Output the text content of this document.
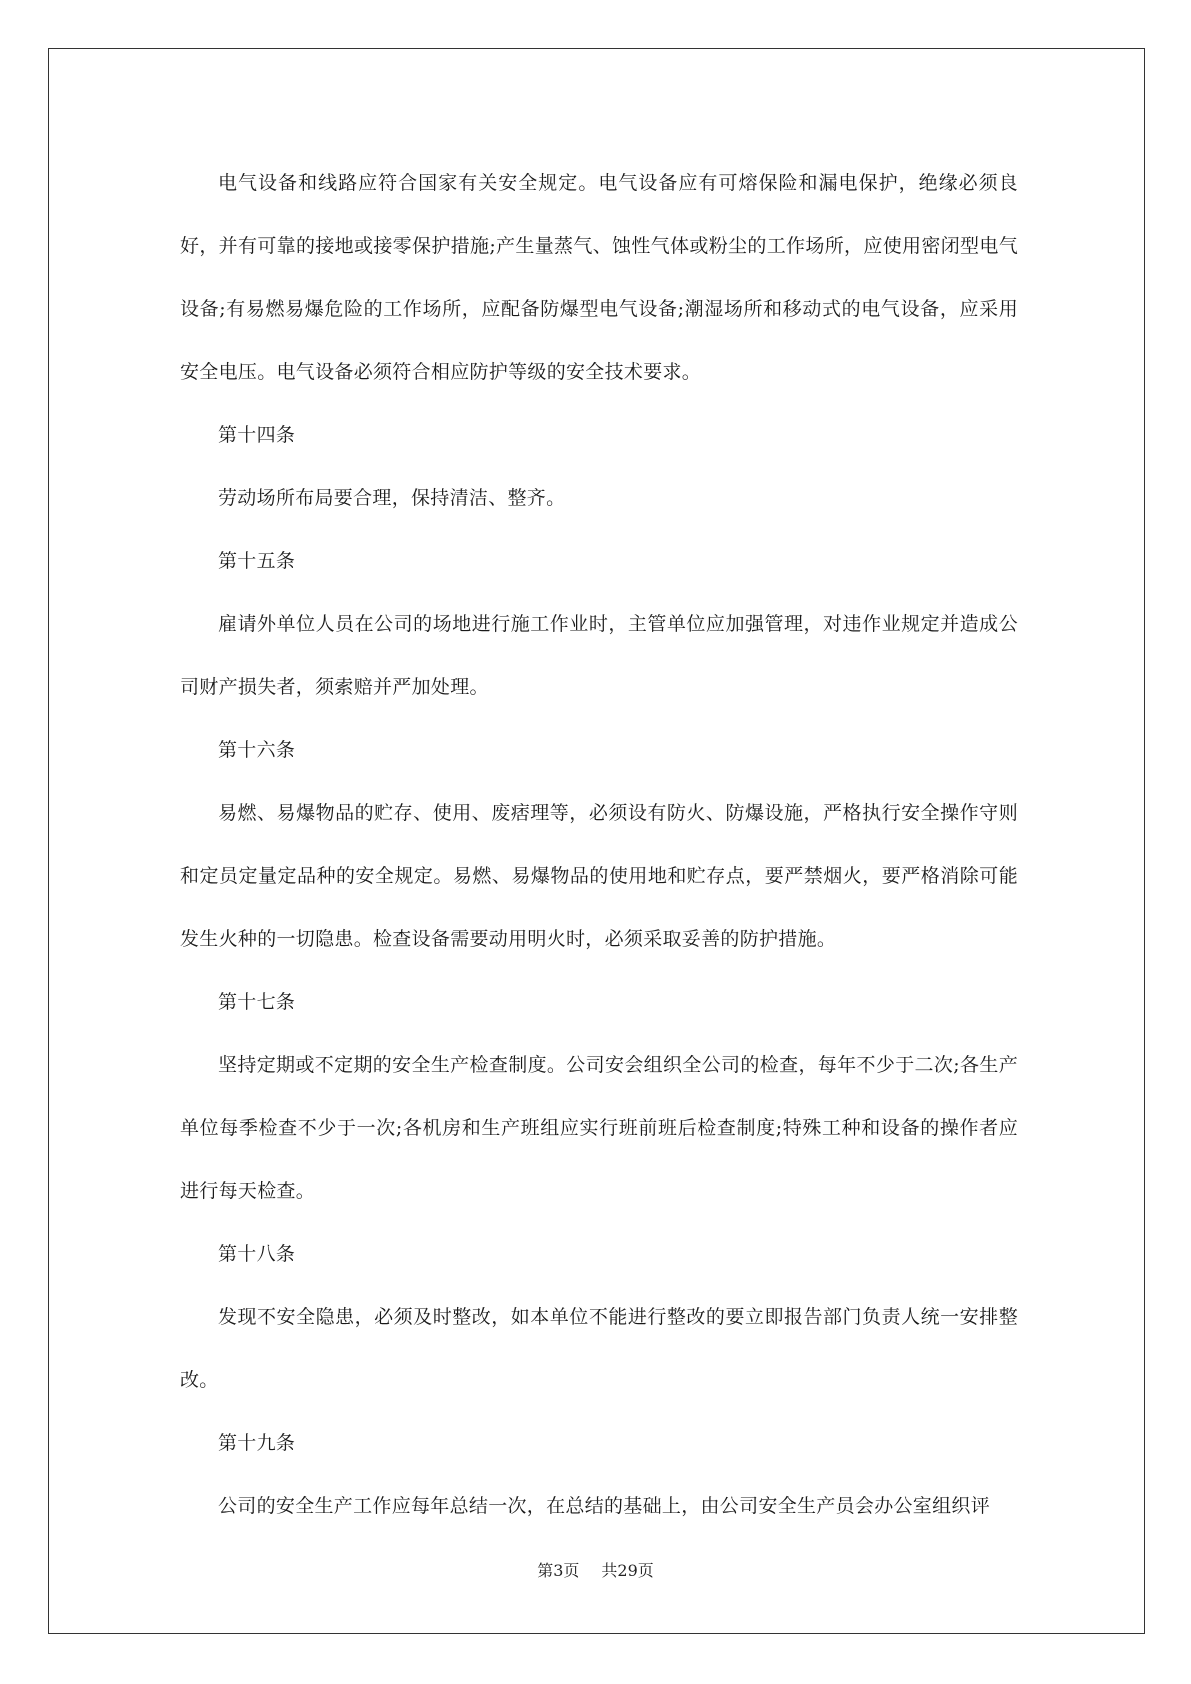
电气设备和线路应符合国家有关安全规定。电气设备应有可熔保险和漏电保护，绝缘必须良好，并有可靠的接地或接零保护措施;产生量蒸气、蚀性气体或粉尘的工作场所，应使用密闭型电气设备;有易燃易爆危险的工作场所，应配备防爆型电气设备;潮湿场所和移动式的电气设备，应采用安全电压。电气设备必须符合相应防护等级的安全技术要求。

第十四条

劳动场所布局要合理，保持清洁、整齐。

第十五条

雇请外单位人员在公司的场地进行施工作业时，主管单位应加强管理，对违作业规定并造成公司财产损失者，须索赔并严加处理。

第十六条

易燃、易爆物品的贮存、使用、废痞理等，必须设有防火、防爆设施，严格执行安全操作守则和定员定量定品种的安全规定。易燃、易爆物品的使用地和贮存点，要严禁烟火，要严格消除可能发生火种的一切隐患。检查设备需要动用明火时，必须采取妥善的防护措施。

第十七条

坚持定期或不定期的安全生产检查制度。公司安会组织全公司的检查，每年不少于二次;各生产单位每季检查不少于一次;各机房和生产班组应实行班前班后检查制度;特殊工种和设备的操作者应进行每天检查。

第十八条

发现不安全隐患，必须及时整改，如本单位不能进行整改的要立即报告部门负责人统一安排整改。

第十九条

公司的安全生产工作应每年总结一次，在总结的基础上，由公司安全生产员会办公室组织评

第3页 共29页
